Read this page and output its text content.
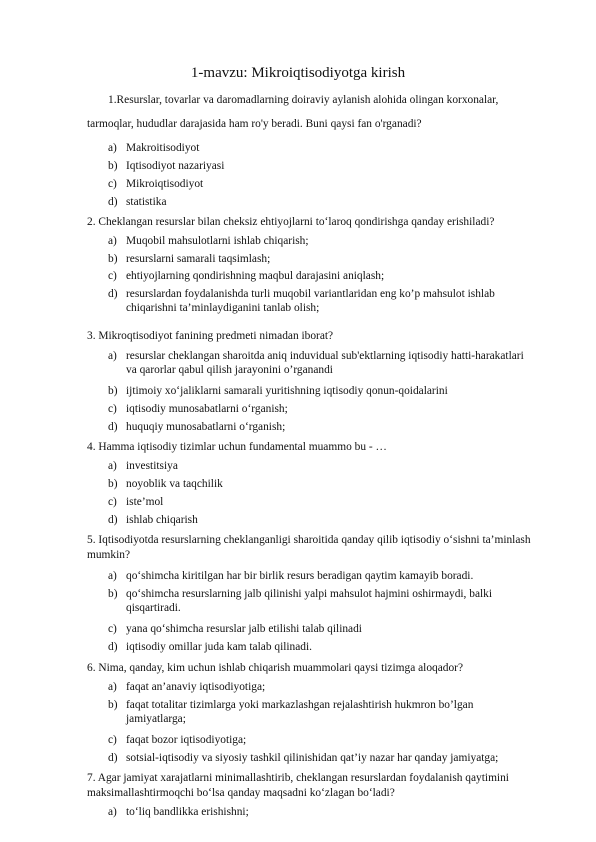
1-mavzu: Mikroiqtisodiyotga kirish
1.Resurslar, tovarlar va daromadlarning doiraviy aylanish alohida olingan korxonalar,
tarmoqlar, hududlar darajasida ham ro'y beradi. Buni qaysi fan o'rganadi?
a) Makroitisodiyot
b) Iqtisodiyot nazariyasi
c) Mikroiqtisodiyot
d) statistika
2. Cheklangan resurslar bilan cheksiz ehtiyojlarni to‘laroq qondirishga qanday erishiladi?
a) Muqobil mahsulotlarni ishlab chiqarish;
b) resurslarni samarali taqsimlash;
c) ehtiyojlarning qondirishning maqbul darajasini aniqlash;
d) resurslardan foydalanishda turli muqobil variantlaridan eng ko’p mahsulot ishlab
chiqarishni ta’minlaydiganini tanlab olish;
3. Mikroqtisodiyot fanining predmeti nimadan iborat?
a) resurslar cheklangan sharoitda aniq induvidual sub'ektlarning iqtisodiy hatti-harakatlari
va qarorlar qabul qilish jarayonini o’rganandi
b) ijtimoiy xo‘jaliklarni samarali yuritishning iqtisodiy qonun-qoidalarini
c) iqtisodiy munosabatlarni o‘rganish;
d) huquqiy munosabatlarni o‘rganish;
4. Hamma iqtisodiy tizimlar uchun fundamental muammo bu - …
a) investitsiya
b) noyoblik va taqchilik
c) iste’mol
d) ishlab chiqarish
5. Iqtisodiyotda resurslarning cheklanganligi sharoitida qanday qilib iqtisodiy o‘sishni ta’minlash
mumkin?
a) qo‘shimcha kiritilgan har bir birlik resurs beradigan qaytim kamayib boradi.
b) qo‘shimcha resurslarning jalb qilinishi yalpi mahsulot hajmini oshirmaydi, balki
qisqartiradi.
c) yana qo‘shimcha resurslar jalb etilishi talab qilinadi
d) iqtisodiy omillar juda kam talab qilinadi.
6. Nima, qanday, kim uchun ishlab chiqarish muammolari qaysi tizimga aloqador?
a) faqat an’anaviy iqtisodiyotiga;
b) faqat totalitar tizimlarga yoki markazlashgan rejalashtirish hukmron bo’lgan
jamiyatlarga;
c) faqat bozor iqtisodiyotiga;
d) sotsial-iqtisodiy va siyosiy tashkil qilinishidan qat’iy nazar har qanday jamiyatga;
7. Agar jamiyat xarajatlarni minimallashtirib, cheklangan resurslardan foydalanish qaytimini
maksimallashtirmoqchi bo‘lsa qanday maqsadni ko‘zlagan bo‘ladi?
a) to‘liq bandlikka erishishni;
